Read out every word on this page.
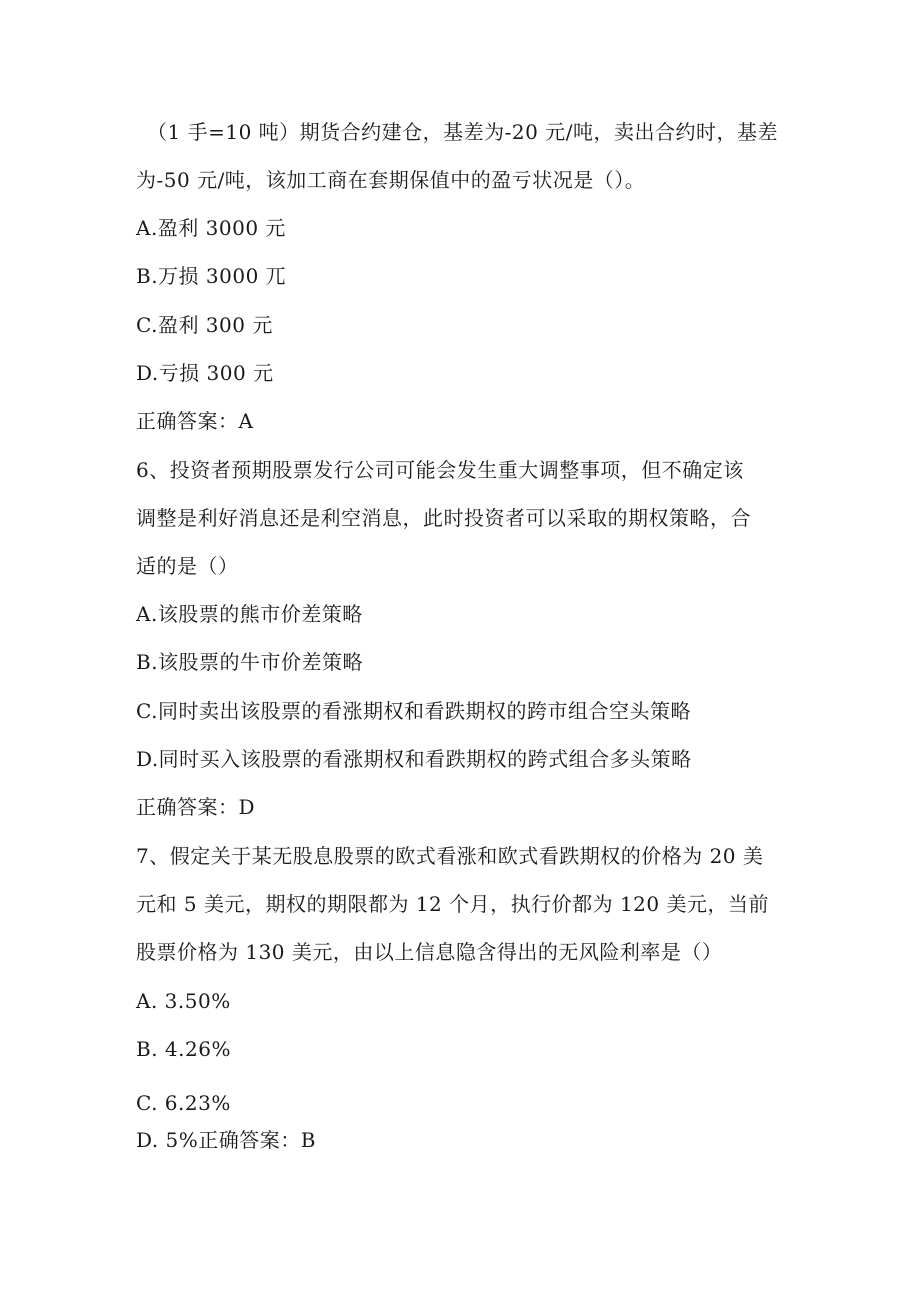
（1 手=10 吨）期货合约建仓，基差为-20 元/吨，卖出合约时，基差
为-50 元/吨，该加工商在套期保值中的盈亏状况是（）。
A.盈利 3000 元
B.万损 3000 兀
C.盈利 300 元
D.亏损 300 元
正确答案：A
6、投资者预期股票发行公司可能会发生重大调整事项，但不确定该
调整是利好消息还是利空消息，此时投资者可以采取的期权策略，合
适的是（）
A.该股票的熊市价差策略
B.该股票的牛市价差策略
C.同时卖出该股票的看涨期权和看跌期权的跨市组合空头策略
D.同时买入该股票的看涨期权和看跌期权的跨式组合多头策略
正确答案：D
7、假定关于某无股息股票的欧式看涨和欧式看跌期权的价格为 20 美
元和 5 美元，期权的期限都为 12 个月，执行价都为 120 美元，当前
股票价格为 130 美元，由以上信息隐含得出的无风险利率是（）
A. 3.50%
B. 4.26%
C. 6.23%
D. 5%正确答案：B
